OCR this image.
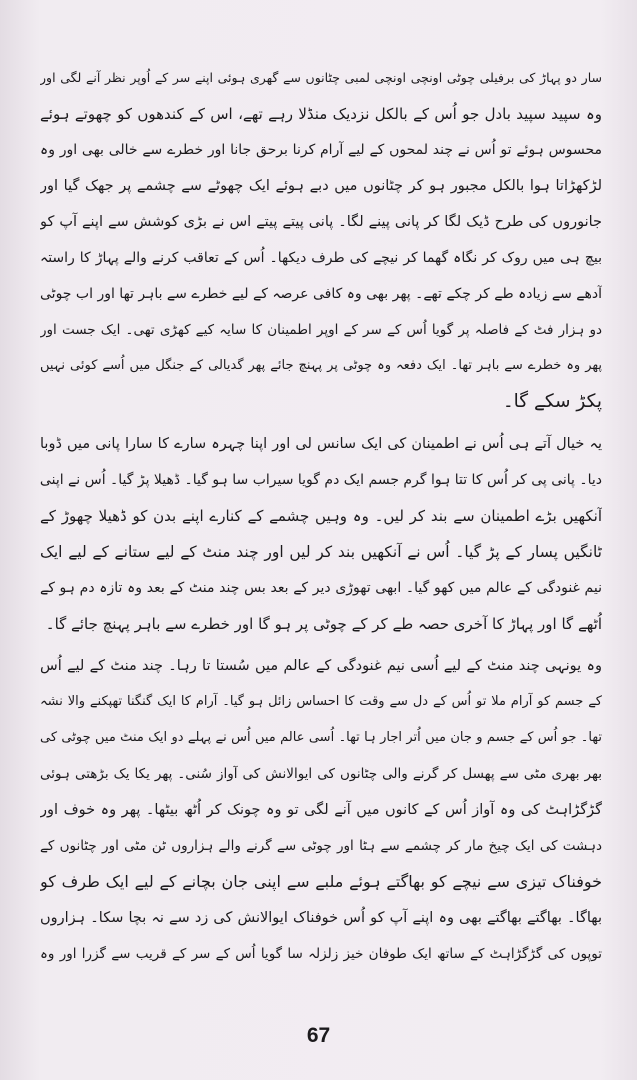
سار دو پہاڑ کی برفیلی چوٹی اونچی اونچی لمبی چٹانوں سے گھری ہوئی اپنے سر کے اُوپر نظر آنے لگی اور
وہ سپید سپید بادل جو اُس کے بالکل نزدیک منڈلا رہے تھے، اس کے کندھوں کو چھوتے ہوئے
محسوس ہوئے تو اُس نے چند لمحوں کے لیے آرام کرنا برحق جانا اور خطرے سے خالی بھی اور وہ
لڑکھڑاتا ہوا بالکل مجبور ہو کر چٹانوں میں دبے ہوئے ایک چھوٹے سے چشمے پر جھک گیا اور
جانوروں کی طرح ڈیک لگا کر پانی پینے لگا۔ پانی پیتے پیتے اس نے بڑی کوشش سے اپنے آپ کو
بیچ ہی میں روک کر نگاہ گھما کر نیچے کی طرف دیکھا۔ اُس کے تعاقب کرنے والے پہاڑ کا راستہ
آدھے سے زیادہ طے کر چکے تھے۔ پھر بھی وہ کافی عرصہ کے لیے خطرے سے باہر تھا اور اب چوٹی
دو ہزار فٹ کے فاصلہ پر گویا اُس کے سر کے اوپر اطمینان کا سایہ کیے کھڑی تھی۔ ایک جست اور
پھر وہ خطرے سے باہر تھا۔ ایک دفعہ وہ چوٹی پر پہنچ جائے پھر گدیالی کے جنگل میں اُسے کوئی نہیں
پکڑ سکے گا۔
یہ خیال آتے ہی اُس نے اطمینان کی ایک سانس لی اور اپنا چہرہ سارے کا سارا پانی میں ڈوبا
دیا۔ پانی پی کر اُس کا تتا ہوا گرم جسم ایک دم گویا سیراب سا ہو گیا۔ ڈھیلا پڑ گیا۔ اُس نے اپنی
آنکھیں بڑے اطمینان سے بند کر لیں۔ وہ وہیں چشمے کے کنارے اپنے بدن کو ڈھیلا چھوڑ کے
ٹانگیں پسار کے پڑ گیا۔ اُس نے آنکھیں بند کر لیں اور چند منٹ کے لیے ستانے کے لیے ایک
نیم غنودگی کے عالم میں کھو گیا۔ ابھی تھوڑی دیر کے بعد بس چند منٹ کے بعد وہ تازہ دم ہو کے
اُٹھے گا اور پہاڑ کا آخری حصہ طے کر کے چوٹی پر ہو گا اور خطرے سے باہر پہنچ جائے گا۔
وہ یونہی چند منٹ کے لیے اُسی نیم غنودگی کے عالم میں سُستا تا رہا۔ چند منٹ کے لیے اُس
کے جسم کو آرام ملا تو اُس کے دل سے وقت کا احساس زائل ہو گیا۔ آرام کا ایک گنگنا تھپکنے والا نشہ
تھا۔ جو اُس کے جسم و جان میں اُتر اجار ہا تھا۔ اُسی عالم میں اُس نے پہلے دو ایک منٹ میں چوٹی کی
بھر بھری مٹی سے پھسل کر گرنے والی چٹانوں کی ایوالانش کی آواز سُنی۔ پھر یکا یک بڑھتی ہوئی
گڑگڑاہٹ کی وہ آواز اُس کے کانوں میں آنے لگی تو وہ چونک کر اُٹھ بیٹھا۔ پھر وہ خوف اور
دہشت کی ایک چیخ مار کر چشمے سے ہٹا اور چوٹی سے گرنے والے ہزاروں ٹن مٹی اور چٹانوں کے
خوفناک تیزی سے نیچے کو بھاگتے ہوئے ملبے سے اپنی جان بچانے کے لیے ایک طرف کو
بھاگا۔ بھاگتے بھاگتے بھی وہ اپنے آپ کو اُس خوفناک ایوالانش کی زد سے نہ بچا سکا۔ ہزاروں
توپوں کی گڑگڑاہٹ کے ساتھ ایک طوفان خیز زلزلہ سا گویا اُس کے سر کے قریب سے گزرا اور وہ
67
